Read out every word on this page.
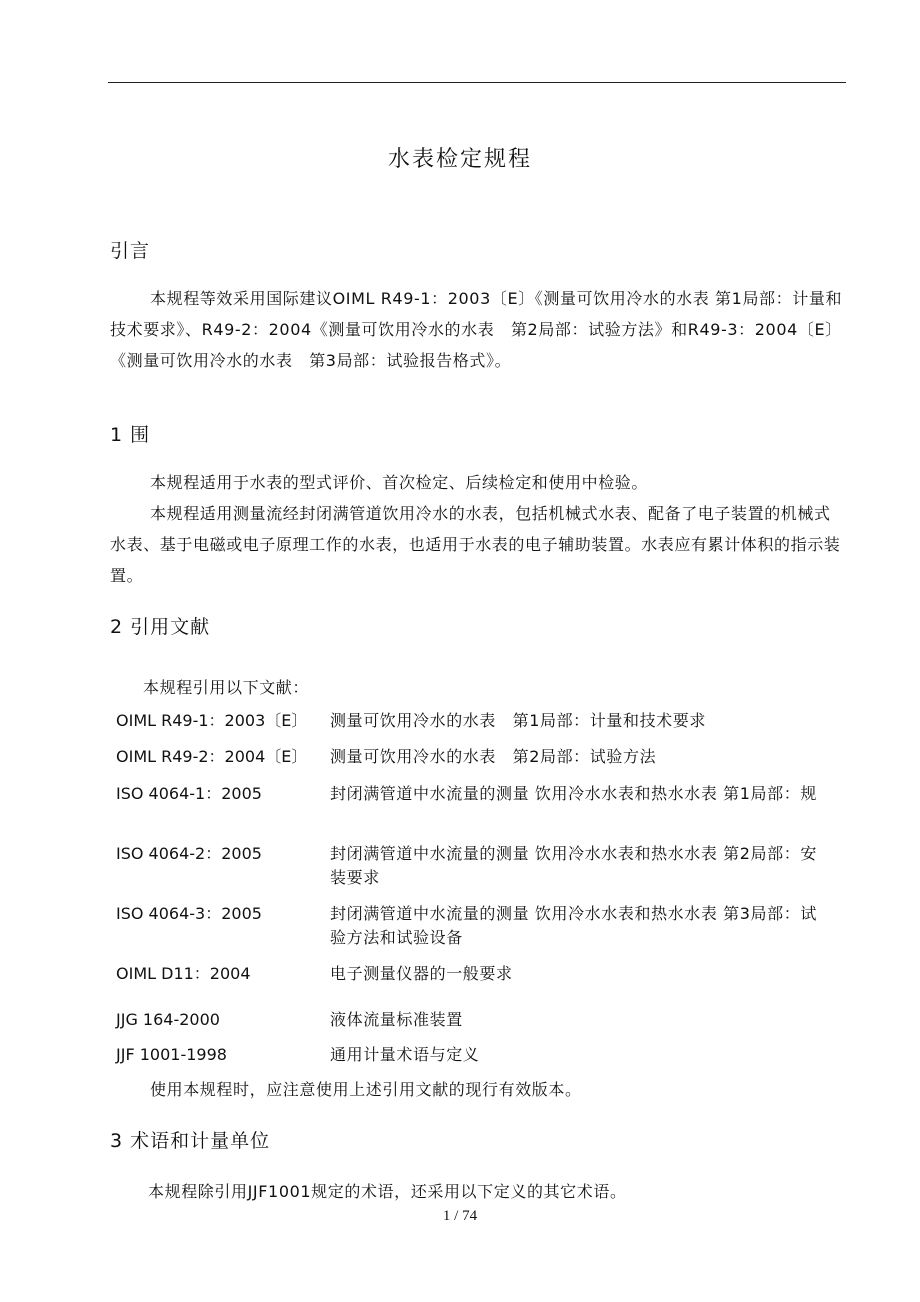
水表检定规程
引言
本规程等效采用国际建议OIML R49-1：2003〔E〕《测量可饮用冷水的水表 第1局部：计量和技术要求》、R49-2：2004《测量可饮用冷水的水表　第2局部：试验方法》和R49-3：2004〔E〕《测量可饮用冷水的水表　第3局部：试验报告格式》。
1 围
本规程适用于水表的型式评价、首次检定、后续检定和使用中检验。
本规程适用测量流经封闭满管道饮用冷水的水表，包括机械式水表、配备了电子装置的机械式水表、基于电磁或电子原理工作的水表，也适用于水表的电子辅助装置。水表应有累计体积的指示装置。
2 引用文献
本规程引用以下文献：
OIML R49-1：2003〔E〕	测量可饮用冷水的水表　第1局部：计量和技术要求
OIML R49-2：2004〔E〕	测量可饮用冷水的水表　第2局部：试验方法
ISO 4064-1：2005	封闭满管道中水流量的测量 饮用冷水水表和热水水表 第1局部：规
ISO 4064-2：2005	封闭满管道中水流量的测量 饮用冷水水表和热水水表 第2局部：安装要求
ISO 4064-3：2005	封闭满管道中水流量的测量 饮用冷水水表和热水水表 第3局部：试验方法和试验设备
OIML D11：2004	电子测量仪器的一般要求
JJG 164-2000	液体流量标准装置
JJF 1001-1998	通用计量术语与定义
使用本规程时，应注意使用上述引用文献的现行有效版本。
3 术语和计量单位
本规程除引用JJF1001规定的术语，还采用以下定义的其它术语。
1 / 74
